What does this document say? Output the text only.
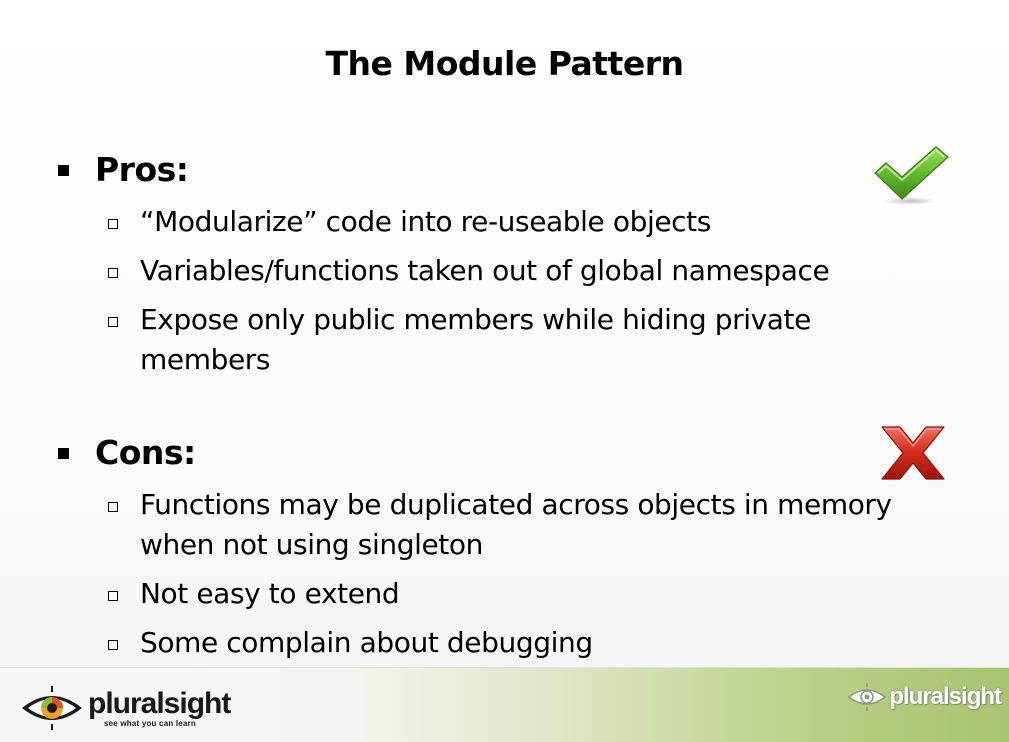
The Module Pattern
Pros:
“Modularize” code into re-useable objects
Variables/functions taken out of global namespace
Expose only public members while hiding private
members
Cons:
Functions may be duplicated across objects in memory
when not using singleton
Not easy to extend
Some complain about debugging
pluralsight
see what you can learn
pluralsight
